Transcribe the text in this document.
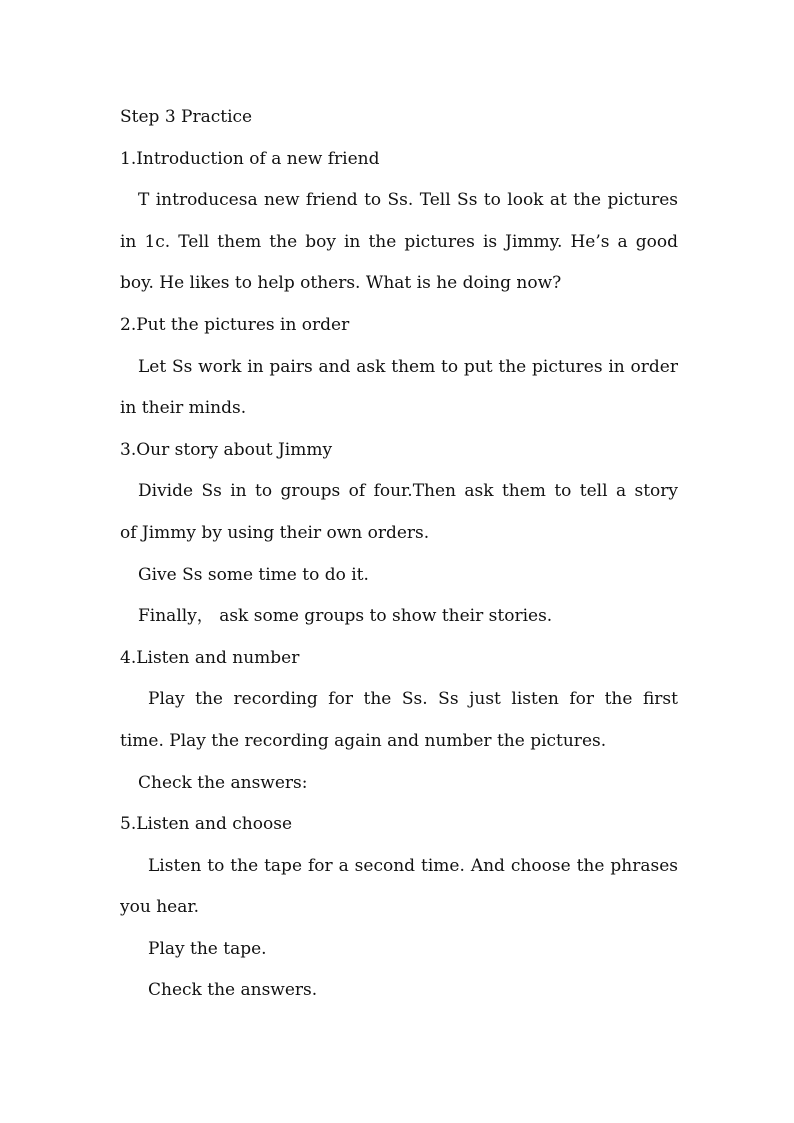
Step 3 Practice
1.Introduction of a new friend
T introducesa new friend to Ss. Tell Ss to look at the pictures
in 1c. Tell them the boy in the pictures is Jimmy. He’s a good
boy. He likes to help others. What is he doing now?
2.Put the pictures in order
Let Ss work in pairs and ask them to put the pictures in order
in their minds.
3.Our story about Jimmy
Divide Ss in to groups of four.Then ask them to tell a story
of Jimmy by using their own orders.
Give Ss some time to do it.
Finally， ask some groups to show their stories.
4.Listen and number
Play the recording for the Ss. Ss just listen for the first
time. Play the recording again and number the pictures.
Check the answers:
5.Listen and choose
Listen to the tape for a second time. And choose the phrases
you hear.
Play the tape.
Check the answers.
